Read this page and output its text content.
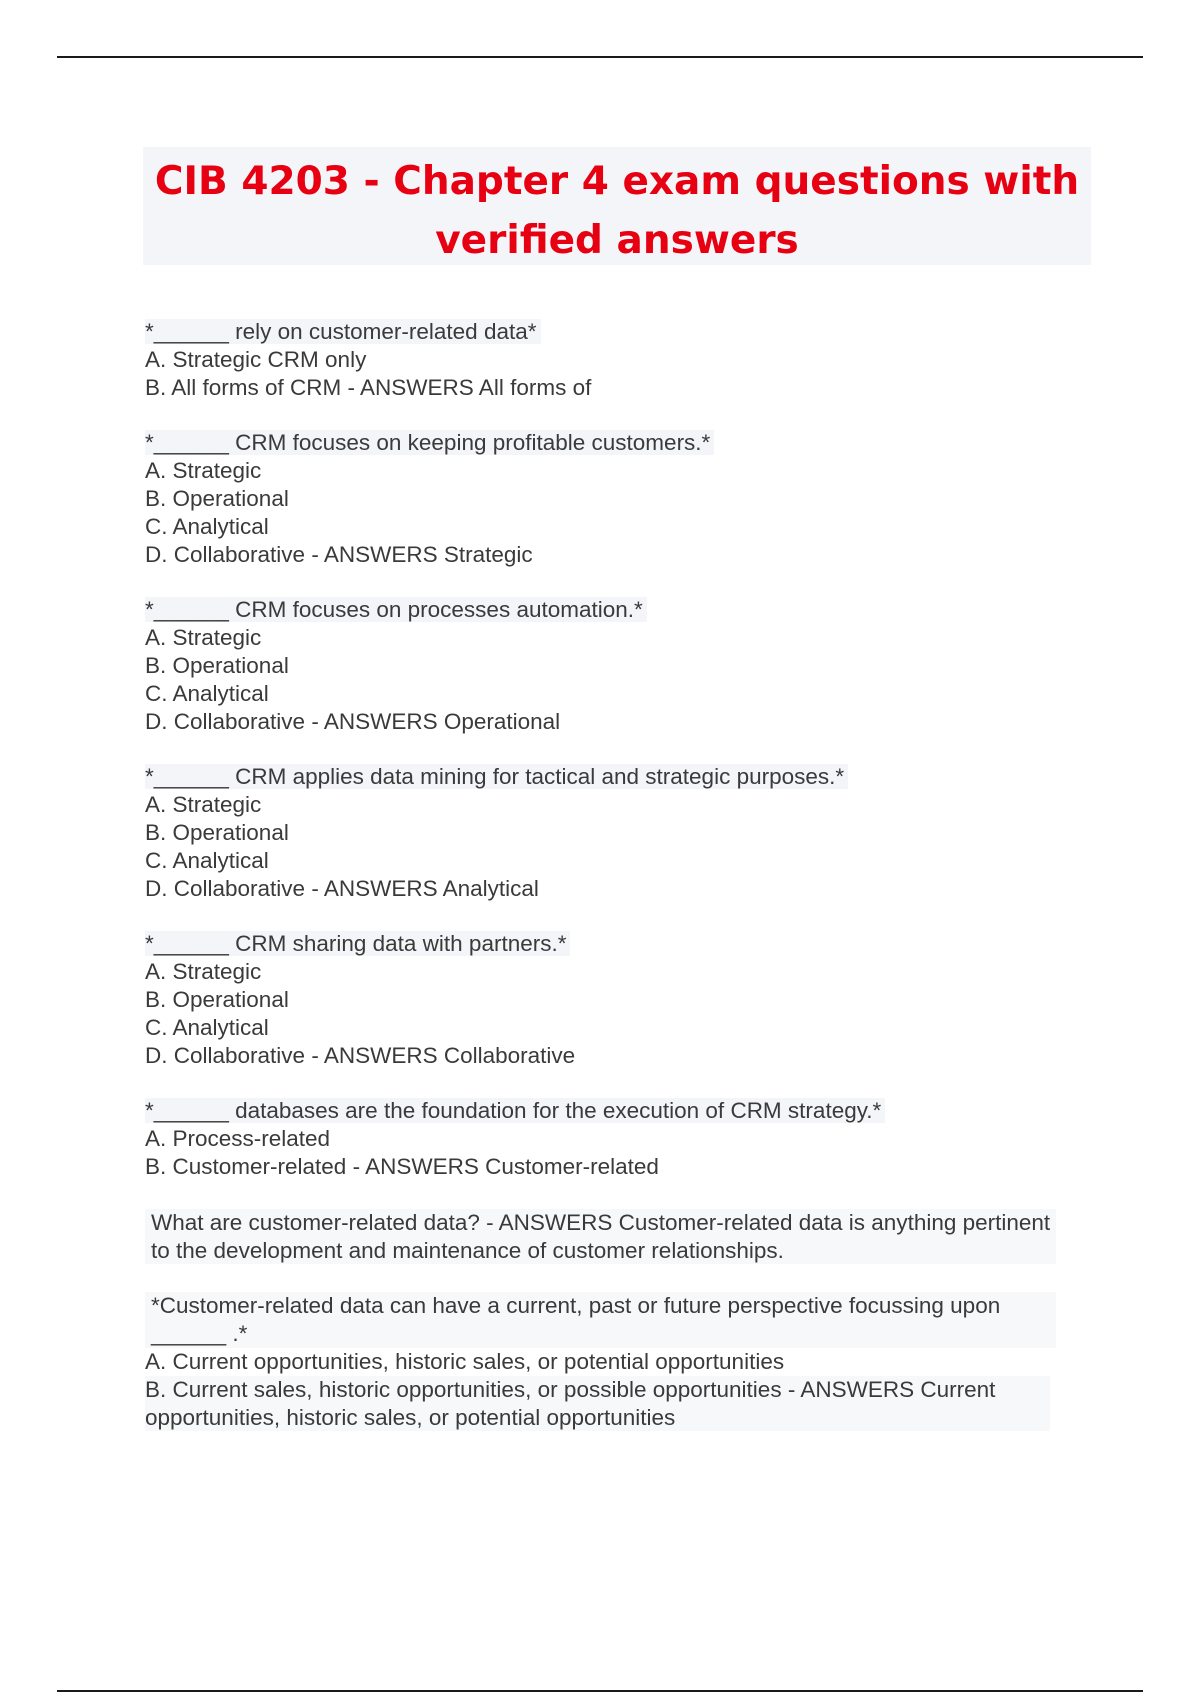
CIB 4203 - Chapter 4 exam questions with verified answers
*______ rely on customer-related data*
A. Strategic CRM only
B. All forms of CRM - ANSWERS All forms of
*______ CRM focuses on keeping profitable customers.*
A. Strategic
B. Operational
C. Analytical
D. Collaborative - ANSWERS Strategic
*______ CRM focuses on processes automation.*
A. Strategic
B. Operational
C. Analytical
D. Collaborative - ANSWERS Operational
*______ CRM applies data mining for tactical and strategic purposes.*
A. Strategic
B. Operational
C. Analytical
D. Collaborative - ANSWERS Analytical
*______ CRM sharing data with partners.*
A. Strategic
B. Operational
C. Analytical
D. Collaborative - ANSWERS Collaborative
*______ databases are the foundation for the execution of CRM strategy.*
A. Process-related
B. Customer-related - ANSWERS Customer-related
What are customer-related data? - ANSWERS Customer-related data is anything pertinent to the development and maintenance of customer relationships.
*Customer-related data can have a current, past or future perspective focussing upon ______ .*
A. Current opportunities, historic sales, or potential opportunities
B. Current sales, historic opportunities, or possible opportunities - ANSWERS Current opportunities, historic sales, or potential opportunities
